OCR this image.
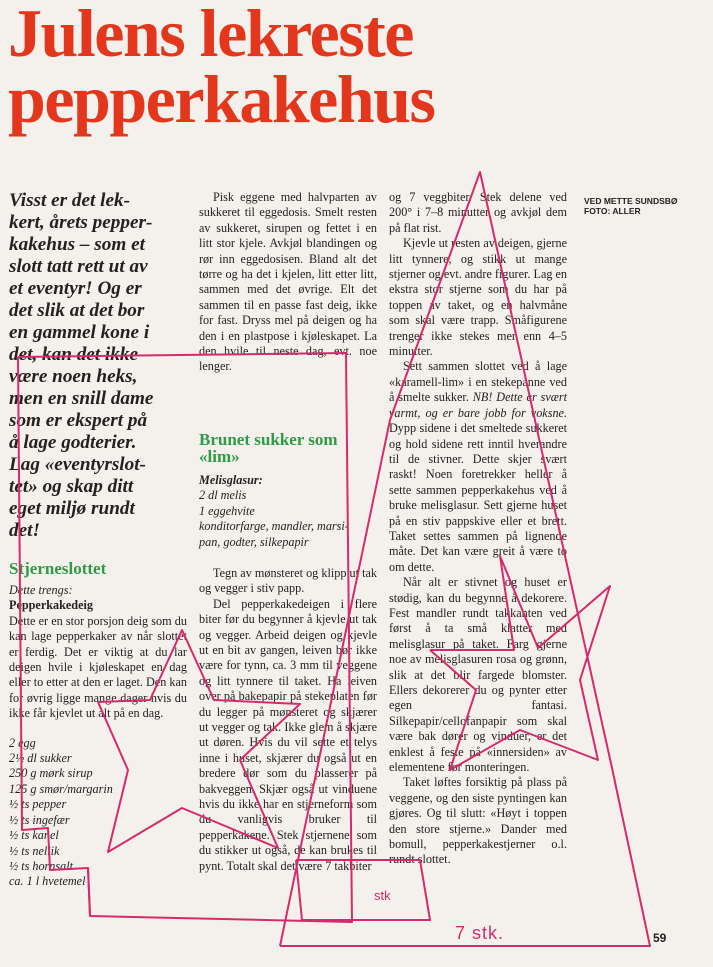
Julens lekreste
pepperkakehus
VED METTE SUNDSBØ
FOTO: ALLER
Visst er det lek-
kert, årets pepper-
kakehus – som et
slott tatt rett ut av
et eventyr! Og er
det slik at det bor
en gammel kone i
det, kan det ikke
være noen heks,
men en snill dame
som er ekspert på
å lage godterier.
Lag «eventyrslot-
tet» og skap ditt
eget miljø rundt
det!

Stjerneslottet

Dette trengs:

Pepperkakedeig

Dette er en stor porsjon deig som du kan lage pepperkaker av når slottet er ferdig. Det er viktig at du lar deigen hvile i kjøleskapet en dag eller to etter at den er laget. Den kan for øvrig ligge mange dager hvis du ikke får kjevlet ut alt på en dag.

2 egg
2½ dl sukker
250 g mørk sirup
125 g smør/margarin
½ ts pepper
½ ts ingefær
½ ts kanel
½ ts nellik
½ ts hornsalt
ca. 1 l hvetemel

Pisk eggene med halvparten av sukkeret til eggedosis. Smelt resten av sukkeret, sirupen og fettet i en litt stor kjele. Avkjøl blandingen og rør inn eggedosisen. Bland alt det tørre og ha det i kjelen, litt etter litt, sammen med det øvrige. Elt det sammen til en passe fast deig, ikke for fast. Dryss mel på deigen og ha den i en plastpose i kjøleskapet. La den hvile til neste dag, evt. noe lenger.

Brunet sukker som «lim»

Melisglasur:
2 dl melis
1 eggehvite
konditorfarge, mandler, marsi-
pan, godter, silkepapir

Tegn av mønsteret og klipp ut tak og vegger i stiv papp.

Del pepperkakedeigen i flere biter før du begynner å kjevle ut tak og vegger. Arbeid deigen og kjevle ut en bit av gangen, leiven bør ikke være for tynn, ca. 3 mm til veggene og litt tynnere til taket. Ha leiven over på bakepapir på stekeplaten før du legger på mønsteret og skjærer ut vegger og tak. Ikke glem å skjære ut døren. Hvis du vil sette et telys inne i huset, skjærer du også ut en bredere dør som du plasserer på bakveggen. Skjær også ut vinduene hvis du ikke har en stjerneform som du vanligvis bruker til pepperkakene. Stek stjernene som du stikker ut også, de kan brukes til pynt. Totalt skal det være 7 takbiter

og 7 veggbiter. Stek delene ved 200° i 7–8 minutter og avkjøl dem på flat rist.

Kjevle ut resten av deigen, gjerne litt tynnere, og stikk ut mange stjerner og evt. andre figurer. Lag en ekstra stor stjerne som du har på toppen av taket, og en halvmåne som skal være trapp. Småfigurene trenger ikke stekes mer enn 4–5 minutter.

Sett sammen slottet ved å lage «karamell-lim» i en stekepanne ved å smelte sukker. NB! Dette er svært varmt, og er bare jobb for voksne. Dypp sidene i det smeltede sukkeret og hold sidene rett inntil hverandre til de stivner. Dette skjer svært raskt! Noen foretrekker heller å sette sammen pepperkakehus ved å bruke melisglasur. Sett gjerne huset på en stiv pappskive eller et brett. Taket settes sammen på lignende måte. Det kan være greit å være to om dette.

Når alt er stivnet og huset er stødig, kan du begynne å dekorere. Fest mandler rundt takkanten ved først å ta små klatter med melisglasur på taket. Farg gjerne noe av melisglasuren rosa og grønn, slik at det blir fargede blomster. Ellers dekorerer du og pynter etter egen fantasi. Silkepapir/cellofanpapir som skal være bak dører og vinduer, er det enklest å feste på «innersiden» av elementene før monteringen.

Taket løftes forsiktig på plass på veggene, og den siste pyntingen kan gjøres. Og til slutt: «Høyt i toppen den store stjerne.» Dander med bomull, pepperkakestjerner o.l. rundt slottet.

stk
7 stk.	59
